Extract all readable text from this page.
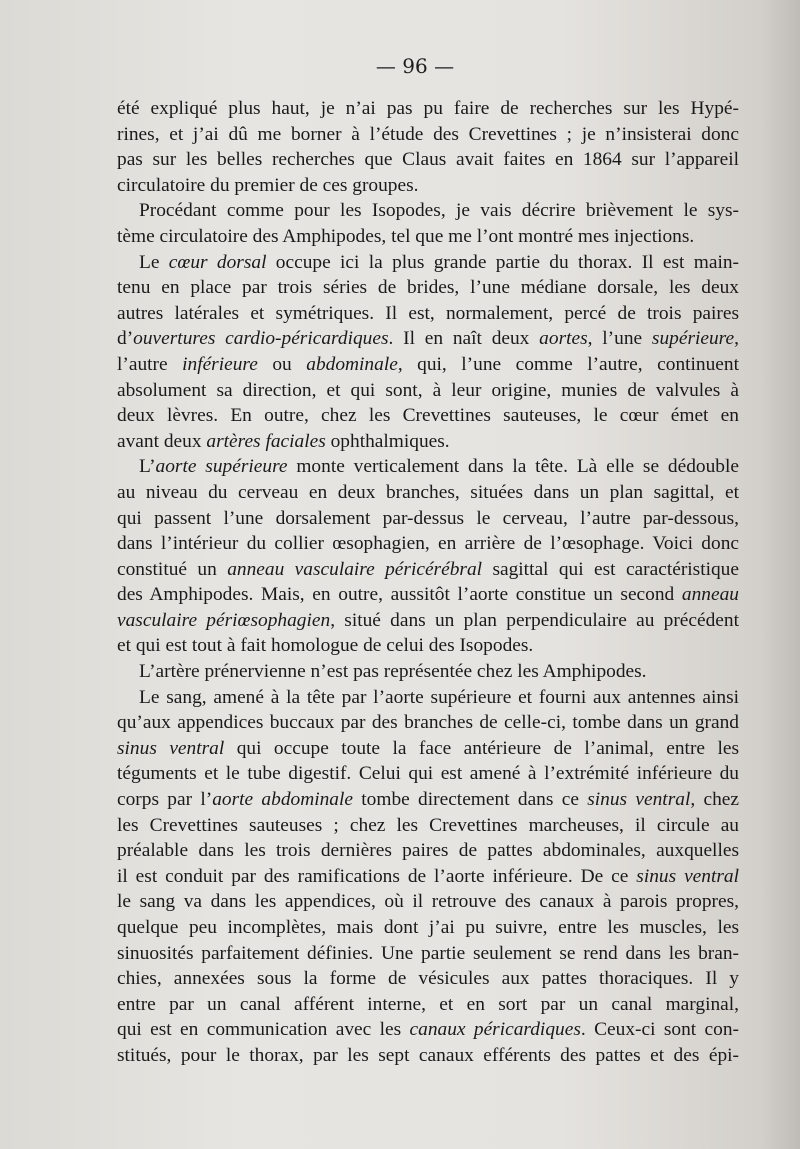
— 96 —
été expliqué plus haut, je n’ai pas pu faire de recherches sur les Hypé-
rines, et j’ai dû me borner à l’étude des Crevettines ; je n’insisterai donc
pas sur les belles recherches que Claus avait faites en 1864 sur l’appareil
circulatoire du premier de ces groupes.
Procédant comme pour les Isopodes, je vais décrire brièvement le sys-
tème circulatoire des Amphipodes, tel que me l’ont montré mes injections.
Le cœur dorsal occupe ici la plus grande partie du thorax. Il est main-
tenu en place par trois séries de brides, l’une médiane dorsale, les deux
autres latérales et symétriques. Il est, normalement, percé de trois paires
d’ouvertures cardio-péricardiques. Il en naît deux aortes, l’une supérieure,
l’autre inférieure ou abdominale, qui, l’une comme l’autre, continuent
absolument sa direction, et qui sont, à leur origine, munies de valvules à
deux lèvres. En outre, chez les Crevettines sauteuses, le cœur émet en
avant deux artères faciales ophthalmiques.
L’aorte supérieure monte verticalement dans la tête. Là elle se dédouble
au niveau du cerveau en deux branches, situées dans un plan sagittal, et
qui passent l’une dorsalement par-dessus le cerveau, l’autre par-dessous,
dans l’intérieur du collier œsophagien, en arrière de l’œsophage. Voici donc
constitué un anneau vasculaire péricérébral sagittal qui est caractéristique
des Amphipodes. Mais, en outre, aussitôt l’aorte constitue un second anneau
vasculaire périœsophagien, situé dans un plan perpendiculaire au précédent
et qui est tout à fait homologue de celui des Isopodes.
L’artère prénervienne n’est pas représentée chez les Amphipodes.
Le sang, amené à la tête par l’aorte supérieure et fourni aux antennes ainsi
qu’aux appendices buccaux par des branches de celle-ci, tombe dans un grand
sinus ventral qui occupe toute la face antérieure de l’animal, entre les
téguments et le tube digestif. Celui qui est amené à l’extrémité inférieure du
corps par l’aorte abdominale tombe directement dans ce sinus ventral, chez
les Crevettines sauteuses ; chez les Crevettines marcheuses, il circule au
préalable dans les trois dernières paires de pattes abdominales, auxquelles
il est conduit par des ramifications de l’aorte inférieure. De ce sinus ventral
le sang va dans les appendices, où il retrouve des canaux à parois propres,
quelque peu incomplètes, mais dont j’ai pu suivre, entre les muscles, les
sinuosités parfaitement définies. Une partie seulement se rend dans les bran-
chies, annexées sous la forme de vésicules aux pattes thoraciques. Il y
entre par un canal afférent interne, et en sort par un canal marginal,
qui est en communication avec les canaux péricardiques. Ceux-ci sont con-
stitués, pour le thorax, par les sept canaux efférents des pattes et des épi-
